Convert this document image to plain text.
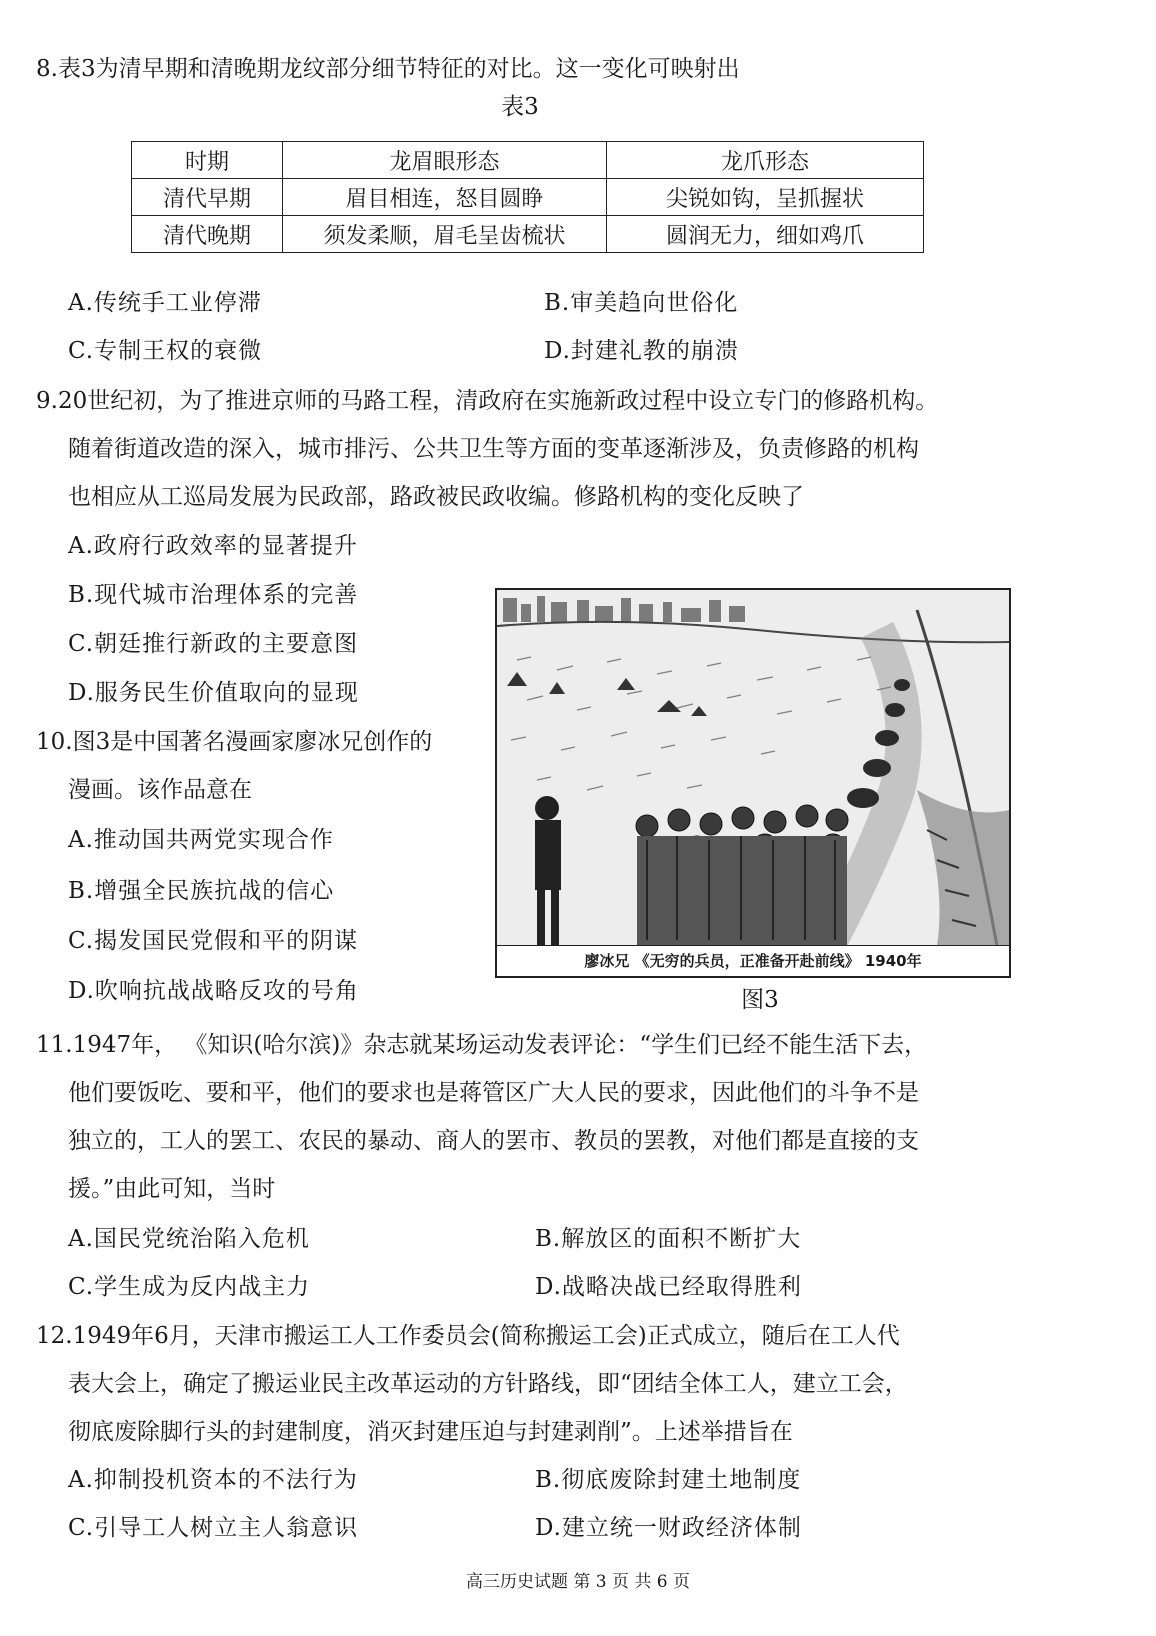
8.表3为清早期和清晚期龙纹部分细节特征的对比。这一变化可映射出
表3
时期	龙眉眼形态	龙爪形态
清代早期	眉目相连，怒目圆睁	尖锐如钩，呈抓握状
清代晚期	须发柔顺，眉毛呈齿梳状	圆润无力，细如鸡爪
A.传统手工业停滞	B.审美趋向世俗化
C.专制王权的衰微	D.封建礼教的崩溃
9.20世纪初，为了推进京师的马路工程，清政府在实施新政过程中设立专门的修路机构。
随着街道改造的深入，城市排污、公共卫生等方面的变革逐渐涉及，负责修路的机构
也相应从工巡局发展为民政部，路政被民政收编。修路机构的变化反映了
A.政府行政效率的显著提升
B.现代城市治理体系的完善
C.朝廷推行新政的主要意图
D.服务民生价值取向的显现
10.图3是中国著名漫画家廖冰兄创作的
漫画。该作品意在
A.推动国共两党实现合作
B.增强全民族抗战的信心
C.揭发国民党假和平的阴谋
D.吹响抗战战略反攻的号角
廖冰兄 《无穷的兵员，正准备开赴前线》 1940年
图3
11.1947年， 《知识(哈尔滨)》杂志就某场运动发表评论：“学生们已经不能生活下去，
他们要饭吃、要和平，他们的要求也是蒋管区广大人民的要求，因此他们的斗争不是
独立的，工人的罢工、农民的暴动、商人的罢市、教员的罢教，对他们都是直接的支
援。”由此可知，当时
A.国民党统治陷入危机	B.解放区的面积不断扩大
C.学生成为反内战主力	D.战略决战已经取得胜利
12.1949年6月，天津市搬运工人工作委员会(简称搬运工会)正式成立，随后在工人代
表大会上，确定了搬运业民主改革运动的方针路线，即“团结全体工人，建立工会，
彻底废除脚行头的封建制度，消灭封建压迫与封建剥削”。上述举措旨在
A.抑制投机资本的不法行为	B.彻底废除封建土地制度
C.引导工人树立主人翁意识	D.建立统一财政经济体制
高三历史试题 第 3 页 共 6 页
